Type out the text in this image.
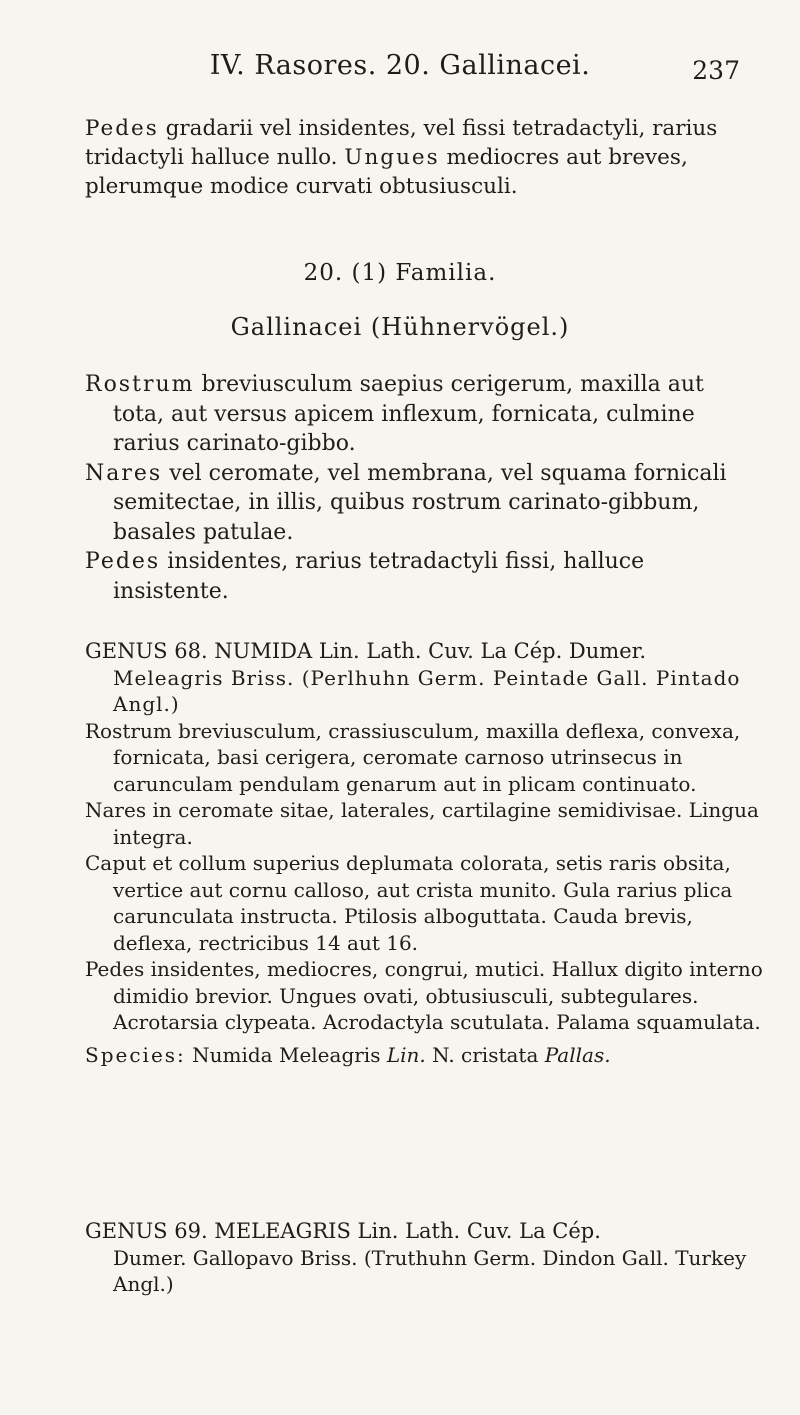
IV. Rasores. 20. Gallinacei.	237
Pedes gradarii vel insidentes, vel fissi tetradactyli, rarius tridactyli halluce nullo. Ungues mediocres aut breves, plerumque modice curvati obtusiusculi.
20. (1) Familia.
Gallinacei (Hühnervögel.)
Rostrum breviusculum saepius cerigerum, maxilla aut tota, aut versus apicem inflexum, fornicata, culmine rarius carinato-gibbo.
Nares vel ceromate, vel membrana, vel squama fornicali semitectae, in illis, quibus rostrum carinato-gibbum, basales patulae.
Pedes insidentes, rarius tetradactyli fissi, halluce insistente.
GENUS 68. NUMIDA Lin. Lath. Cuv. La Cép. Dumer.
Meleagris Briss. (Perlhuhn Germ. Peintade Gall. Pintado Angl.)
Rostrum breviusculum, crassiusculum, maxilla deflexa, convexa, fornicata, basi cerigera, ceromate carnoso utrinsecus in carunculam pendulam genarum aut in plicam continuato.
Nares in ceromate sitae, laterales, cartilagine semidivisae. Lingua integra.
Caput et collum superius deplumata colorata, setis raris obsita, vertice aut cornu calloso, aut crista munito. Gula rarius plica carunculata instructa. Ptilosis alboguttata. Cauda brevis, deflexa, rectricibus 14 aut 16.
Pedes insidentes, mediocres, congrui, mutici. Hallux digito interno dimidio brevior. Ungues ovati, obtusiusculi, subtegulares. Acrotarsia clypeata. Acrodactyla scutulata. Palama squamulata.
Species: Numida Meleagris Lin. N. cristata Pallas.
GENUS 69. MELEAGRIS Lin. Lath. Cuv. La Cép.
Dumer. Gallopavo Briss. (Truthuhn Germ. Dindon Gall. Turkey Angl.)
